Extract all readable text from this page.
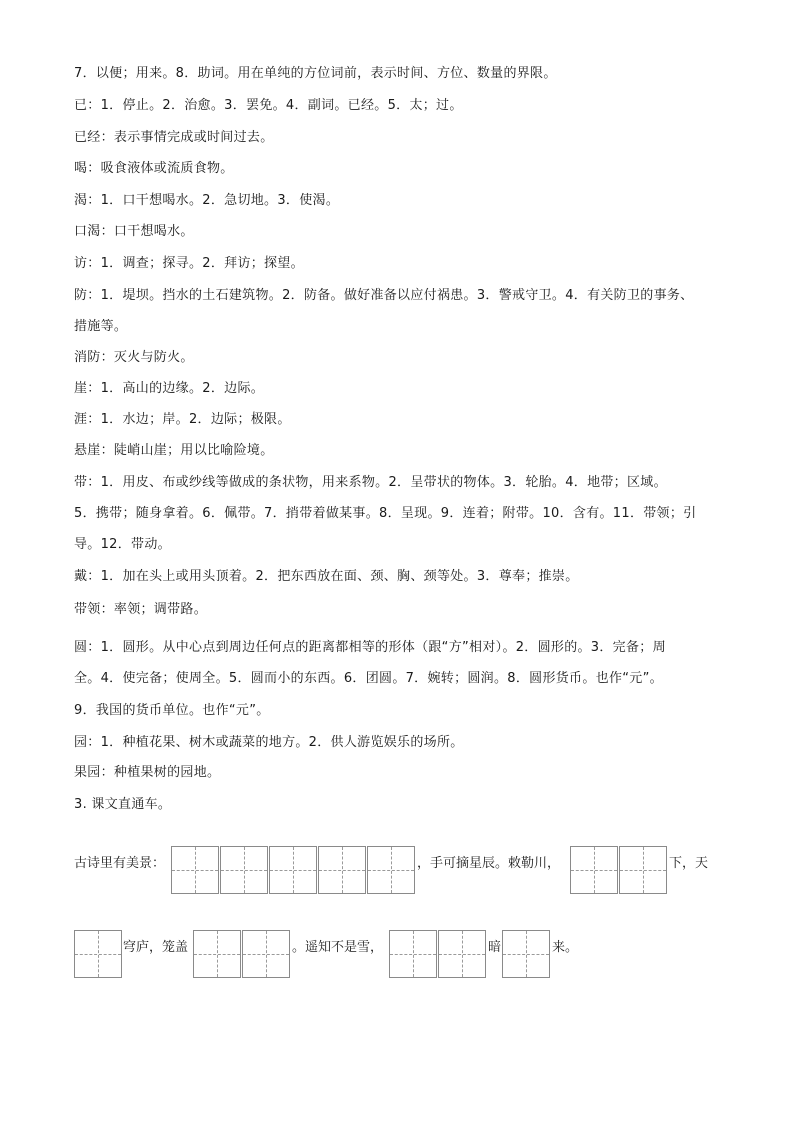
7．以便；用来。8．助词。用在单纯的方位词前，表示时间、方位、数量的界限。
已：1．停止。2．治愈。3．罢免。4．副词。已经。5．太；过。
已经：表示事情完成或时间过去。
喝：吸食液体或流质食物。
渴：1．口干想喝水。2．急切地。3．使渴。
口渴：口干想喝水。
访：1．调查；探寻。2．拜访；探望。
防：1．堤坝。挡水的土石建筑物。2．防备。做好准备以应付祸患。3．警戒守卫。4．有关防卫的事务、
措施等。
消防：灭火与防火。
崖：1．高山的边缘。2．边际。
涯：1．水边；岸。2．边际；极限。
悬崖：陡峭山崖；用以比喻险境。
带：1．用皮、布或纱线等做成的条状物，用来系物。2．呈带状的物体。3．轮胎。4．地带；区域。
5．携带；随身拿着。6．佩带。7．捎带着做某事。8．呈现。9．连着；附带。10．含有。11．带领；引
导。12．带动。
戴：1．加在头上或用头顶着。2．把东西放在面、颈、胸、颈等处。3．尊奉；推崇。
带领：率领；调带路。
圆：1．圆形。从中心点到周边任何点的距离都相等的形体（跟“方”相对）。2．圆形的。3．完备；周
全。4．使完备；使周全。5．圆而小的东西。6．团圆。7．婉转；圆润。8．圆形货币。也作“元”。
9．我国的货币单位。也作“元”。
园：1．种植花果、树木或蔬菜的地方。2．供人游览娱乐的场所。
果园：种植果树的园地。
3. 课文直通车。
古诗里有美景：	，手可摘星辰。敕勒川，	下，天
穹庐，笼盖	。遥知不是雪，	暗	来。
